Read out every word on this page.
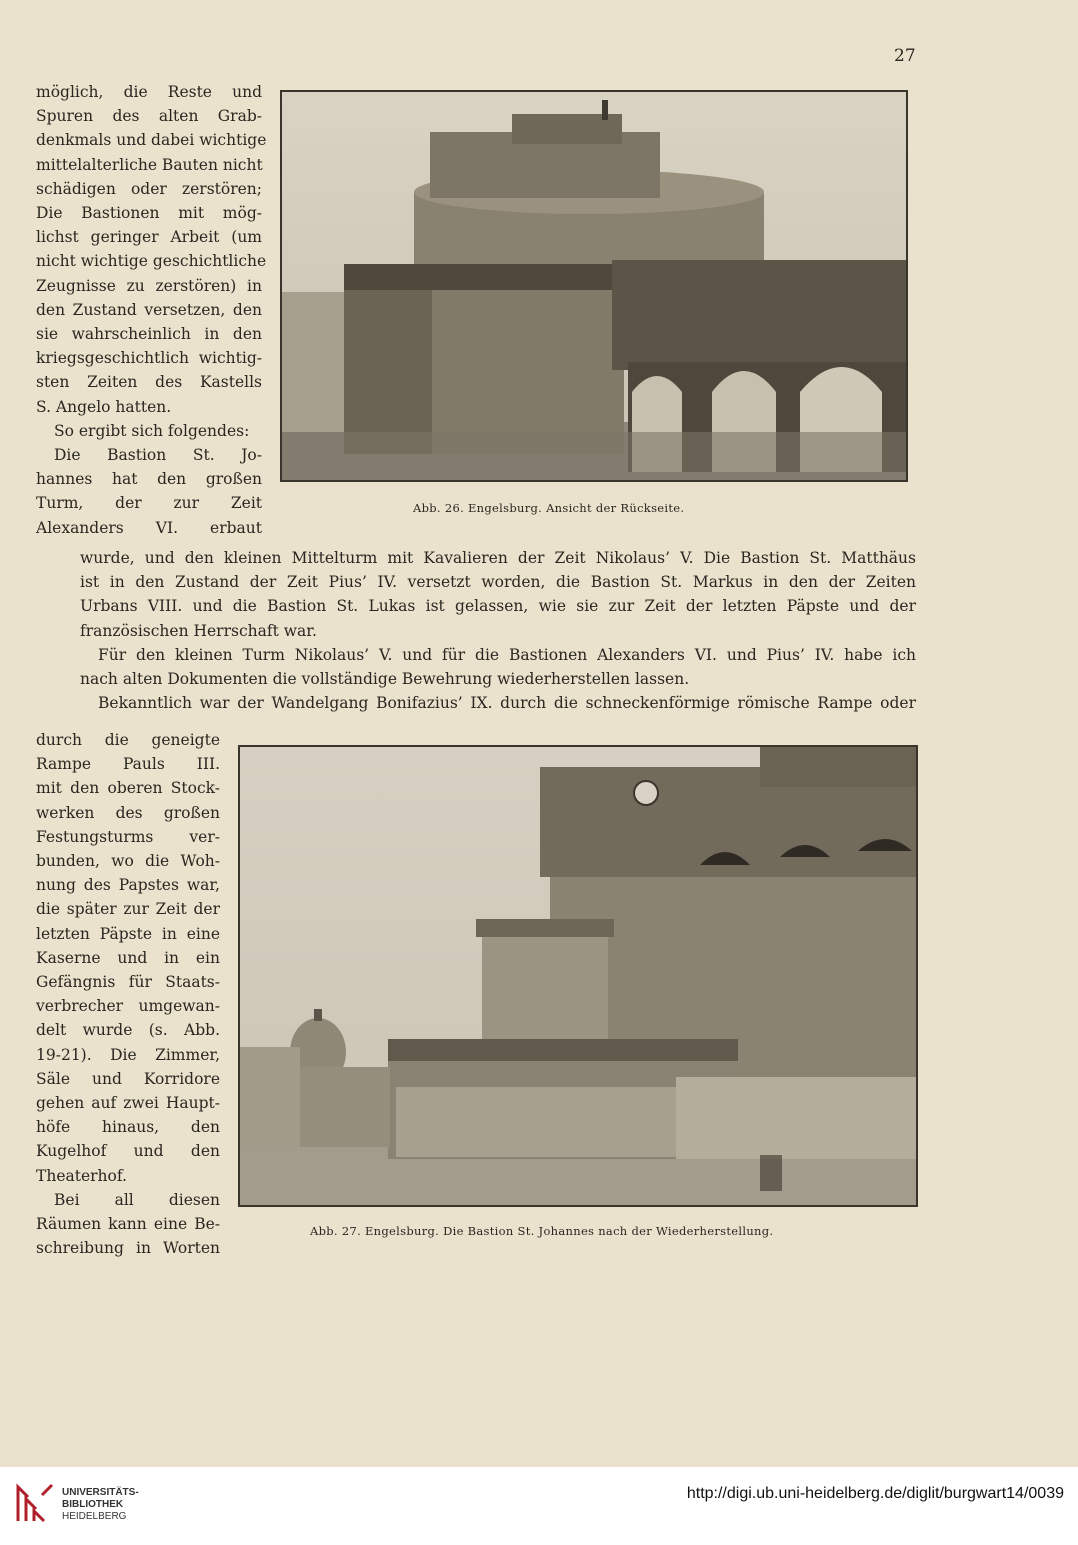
27
möglich, die Reste und
Spuren des alten Grab-
denkmals und dabei wichtige
mittelalterliche Bauten nicht
schädigen oder zerstören;
Die Bastionen mit mög-
lichst geringer Arbeit (um
nicht wichtige geschichtliche
Zeugnisse zu zerstören) in
den Zustand versetzen, den
sie wahrscheinlich in den
kriegsgeschichtlich wichtig-
sten Zeiten des Kastells
S. Angelo hatten.
So ergibt sich folgendes:
Die Bastion St. Jo-
hannes hat den großen
Turm, der zur Zeit
Alexanders VI. erbaut
Abb. 26. Engelsburg. Ansicht der Rückseite.
wurde, und den kleinen Mittelturm mit Kavalieren der Zeit Nikolaus’ V. Die Bastion St. Matthäus
ist in den Zustand der Zeit Pius’ IV. versetzt worden, die Bastion St. Markus in den der Zeiten
Urbans VIII. und die Bastion St. Lukas ist gelassen, wie sie zur Zeit der letzten Päpste und der
französischen Herrschaft war.
Für den kleinen Turm Nikolaus’ V. und für die Bastionen Alexanders VI. und Pius’ IV. habe ich
nach alten Dokumenten die vollständige Bewehrung wiederherstellen lassen.
Bekanntlich war der Wandelgang Bonifazius’ IX. durch die schneckenförmige römische Rampe oder
durch die geneigte
Rampe Pauls III.
mit den oberen Stock-
werken des großen
Festungsturms ver-
bunden, wo die Woh-
nung des Papstes war,
die später zur Zeit der
letzten Päpste in eine
Kaserne und in ein
Gefängnis für Staats-
verbrecher umgewan-
delt wurde (s. Abb.
19-21). Die Zimmer,
Säle und Korridore
gehen auf zwei Haupt-
höfe hinaus, den
Kugelhof und den
Theaterhof.
Bei all diesen
Räumen kann eine Be-
schreibung in Worten
Abb. 27. Engelsburg. Die Bastion St. Johannes nach der Wiederherstellung.
UNIVERSITÄTS-
BIBLIOTHEK
HEIDELBERG
http://digi.ub.uni-heidelberg.de/diglit/burgwart14/0039
